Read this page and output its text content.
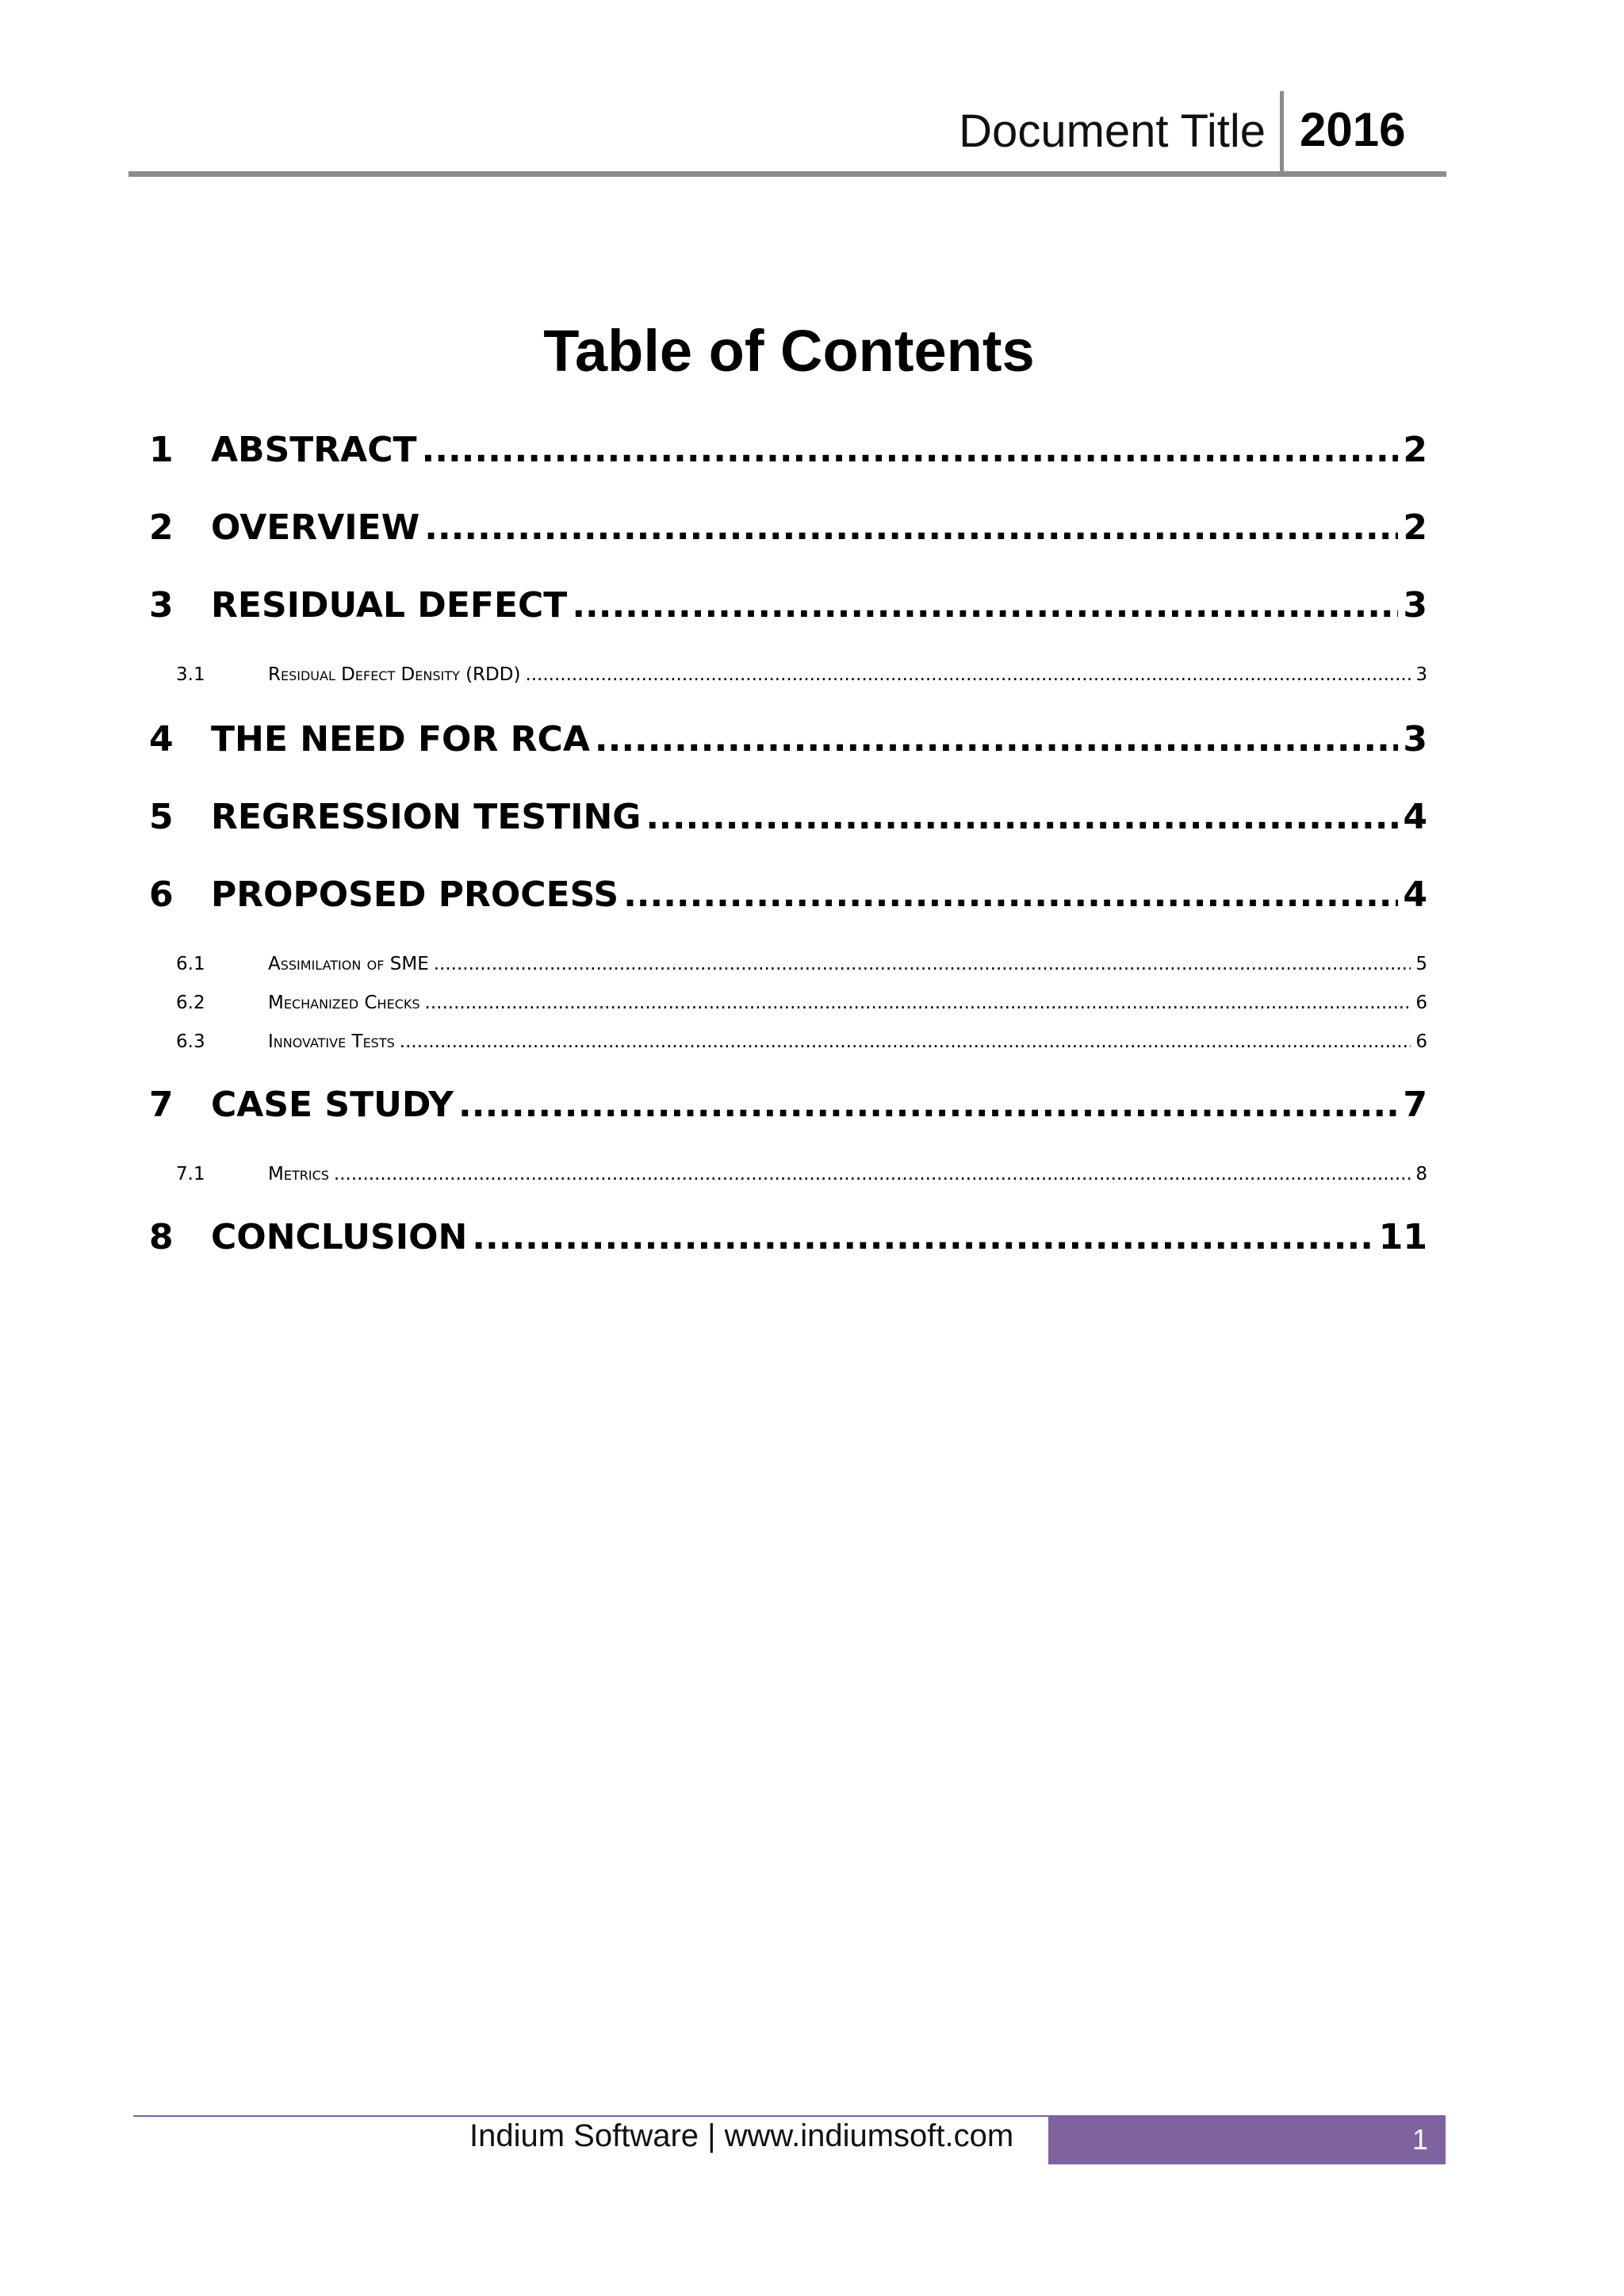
Document Title 2016
Table of Contents
1	ABSTRACT .....	2
2	OVERVIEW .....	2
3	RESIDUAL DEFECT .....	3
3.1	Residual Defect Density (RDD) .....	3
4	THE NEED FOR RCA .....	3
5	REGRESSION TESTING .....	4
6	PROPOSED PROCESS .....	4
6.1	Assimilation of SME .....	5
6.2	Mechanized Checks .....	6
6.3	Innovative Tests .....	6
7	CASE STUDY .....	7
7.1	Metrics .....	8
8	CONCLUSION .....	11
Indium Software | www.indiumsoft.com	1
